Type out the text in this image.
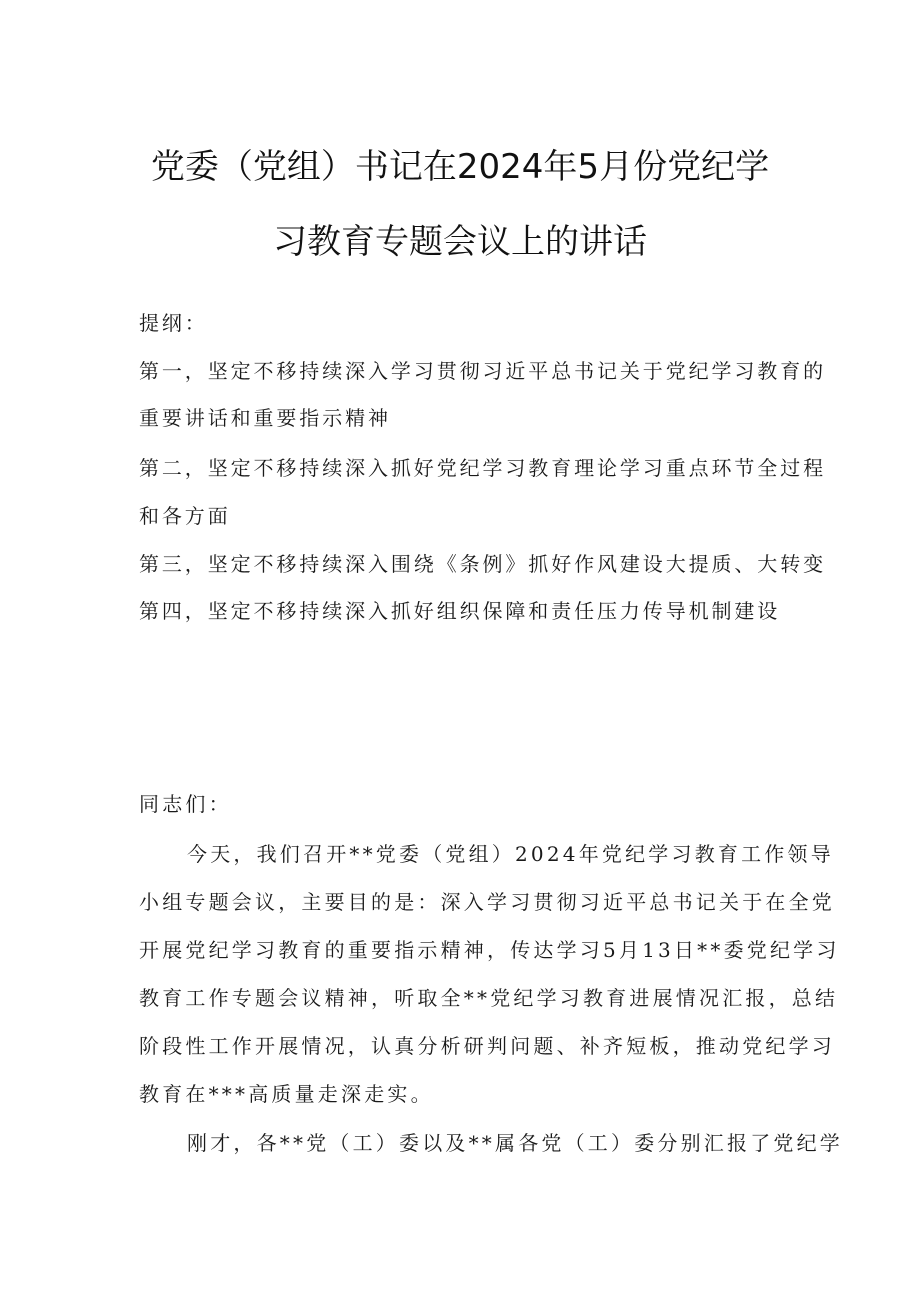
党委（党组）书记在2024年5月份党纪学
习教育专题会议上的讲话
提纲：
第一，坚定不移持续深入学习贯彻习近平总书记关于党纪学习教育的
重要讲话和重要指示精神
第二，坚定不移持续深入抓好党纪学习教育理论学习重点环节全过程
和各方面
第三，坚定不移持续深入围绕《条例》抓好作风建设大提质、大转变
第四，坚定不移持续深入抓好组织保障和责任压力传导机制建设
同志们：
今天，我们召开**党委（党组）2024年党纪学习教育工作领导
小组专题会议，主要目的是：深入学习贯彻习近平总书记关于在全党
开展党纪学习教育的重要指示精神，传达学习5月13日**委党纪学习
教育工作专题会议精神，听取全**党纪学习教育进展情况汇报，总结
阶段性工作开展情况，认真分析研判问题、补齐短板，推动党纪学习
教育在***高质量走深走实。
刚才，各**党（工）委以及**属各党（工）委分别汇报了党纪学
